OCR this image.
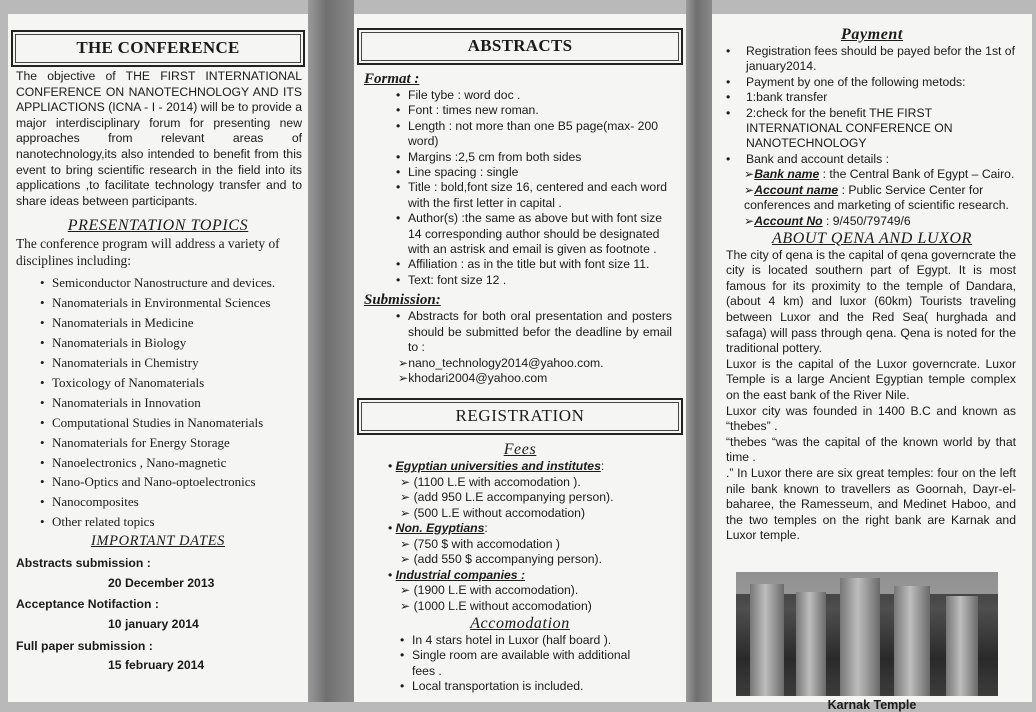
THE CONFERENCE

The objective of THE FIRST INTERNATIONAL CONFERENCE ON NANOTECHNOLOGY AND ITS APPLIACTIONS (ICNA - I - 2014) will be to provide a major interdisciplinary forum for presenting new approaches from relevant areas of nanotechnology,its also intended to benefit from this event to bring scientific research in the field into its applications ,to facilitate technology transfer and to share ideas between participants.

PRESENTATION TOPICS

The conference program will address a variety of disciplines including:

• Semiconductor Nanostructure and devices.
• Nanomaterials in Environmental Sciences
• Nanomaterials in Medicine
• Nanomaterials in Biology
• Nanomaterials in Chemistry
• Toxicology of Nanomaterials
• Nanomaterials in Innovation
• Computational Studies in Nanomaterials
• Nanomaterials for Energy Storage
• Nanoelectronics , Nano-magnetic
• Nano-Optics and Nano-optoelectronics
• Nanocomposites
• Other related topics
IMPORTANT DATES
Abstracts submission :
20 December 2013
Acceptance Notifaction :
10 january 2014
Full paper submission :
15 february 2014
ABSTRACTS
Format :
• File tybe : word doc .
• Font : times new roman.
• Length : not more than one B5 page(max- 200 word)
• Margins :2,5 cm from both sides
• Line spacing : single
• Title : bold,font size 16, centered and each word with the first letter in capital .
• Author(s) :the same as above but with font size 14 corresponding author should be designated with an astrisk and email is given as footnote .
• Affiliation : as in the title but with font size 11.
• Text: font size 12 .
Submission:
• Abstracts for both oral presentation and posters should be submitted befor the deadline by email to :
➢nano_technology2014@yahoo.com.
➢khodari2004@yahoo.com
REGISTRATION
Fees
• Egyptian universities and institutes:
➢ (1100 L.E with accomodation ).
➢ (add 950 L.E accompanying person).
➢ (500 L.E without accomodation)
• Non. Egyptians:
➢ (750 $ with accomodation )
➢ (add 550 $ accompanying person).
• Industrial companies :
➢ (1900 L.E with accomodation).
➢ (1000 L.E without accomodation)
Accomodation
• In 4 stars hotel in Luxor (half board ).
• Single room are available with additional fees .
• Local transportation is included.
Payment
• Registration fees should be payed befor the 1st of january2014.
• Payment by one of the following metods:
• 1:bank transfer
• 2:check for the benefit THE FIRST INTERNATIONAL CONFERENCE ON NANOTECHNOLOGY
• Bank and account details :
➢Bank name : the Central Bank of Egypt – Cairo.
➢Account name : Public Service Center for conferences and marketing of scientific research.
➢Account No : 9/450/79749/6
ABOUT QENA AND LUXOR

The city of qena is the capital of qena governcrate the city is located southern part of Egypt. It is most famous for its proximity to the temple of Dandara,(about 4 km) and luxor (60km) Tourists traveling between Luxor and the Red Sea( hurghada and safaga) will pass through qena. Qena is noted for the traditional pottery.

Luxor is the capital of the Luxor governcrate. Luxor Temple is a large Ancient Egyptian temple complex on the east bank of the River Nile.

Luxor city was founded in 1400 B.C and known as “thebes” .

“thebes “was the capital of the known world by that time .

.” In Luxor there are six great temples: four on the left nile bank known to travellers as Goornah, Dayr-el- baharee, the Ramesseum, and Medinet Haboo, and the two temples on the right bank are Karnak and Luxor temple.

Karnak Temple
